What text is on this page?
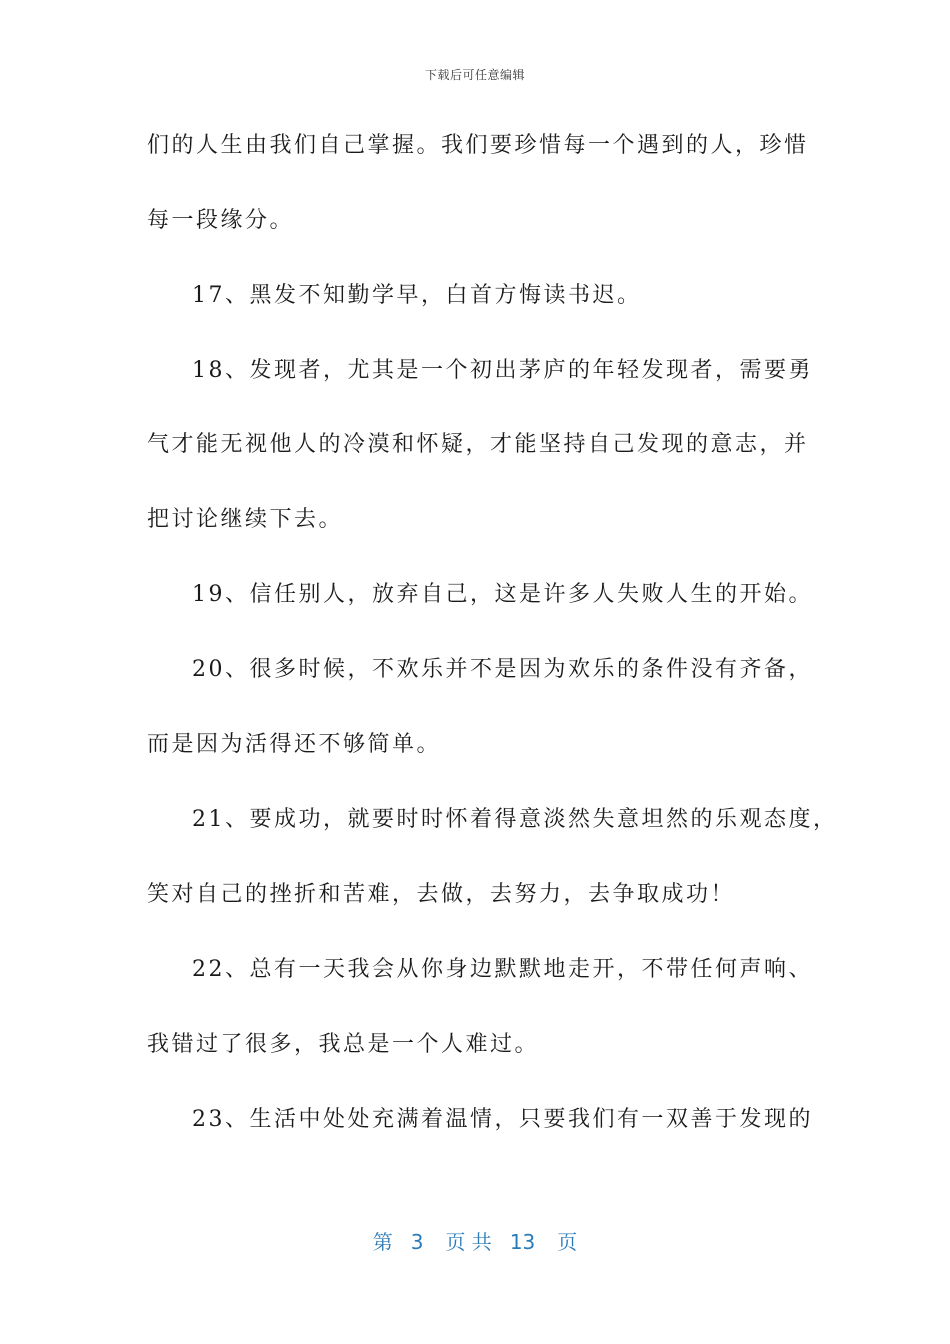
下载后可任意编辑
们的人生由我们自己掌握。我们要珍惜每一个遇到的人，珍惜
每一段缘分。
17、黑发不知勤学早，白首方悔读书迟。
18、发现者，尤其是一个初出茅庐的年轻发现者，需要勇
气才能无视他人的冷漠和怀疑，才能坚持自己发现的意志，并
把讨论继续下去。
19、信任别人，放弃自己，这是许多人失败人生的开始。
20、很多时候，不欢乐并不是因为欢乐的条件没有齐备，
而是因为活得还不够简单。
21、要成功，就要时时怀着得意淡然失意坦然的乐观态度，
笑对自己的挫折和苦难，去做，去努力，去争取成功！
22、总有一天我会从你身边默默地走开，不带任何声响、
我错过了很多，我总是一个人难过。
23、生活中处处充满着温情，只要我们有一双善于发现的
第 3 页 共 13 页
